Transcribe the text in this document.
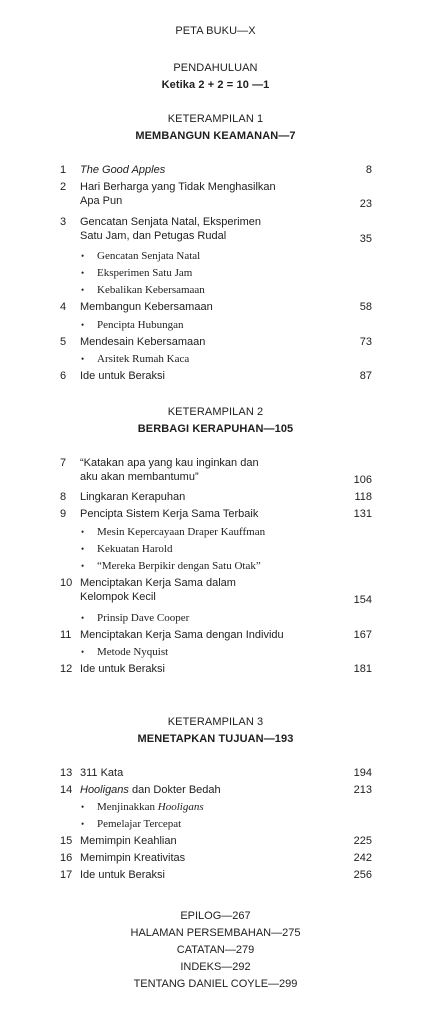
PETA BUKU—X
PENDAHULUAN
Ketika 2 + 2 = 10 —1
KETERAMPILAN 1
MEMBANGUN KEAMANAN—7
1	The Good Apples	8
2	Hari Berharga yang Tidak Menghasilkan
Apa Pun	23
3	Gencatan Senjata Natal, Eksperimen
Satu Jam, dan Petugas Rudal	35
•	Gencatan Senjata Natal
•	Eksperimen Satu Jam
•	Kebalikan Kebersamaan
4	Membangun Kebersamaan	58
•	Pencipta Hubungan
5	Mendesain Kebersamaan	73
•	Arsitek Rumah Kaca
6	Ide untuk Beraksi	87
KETERAMPILAN 2
BERBAGI KERAPUHAN—105
7	“Katakan apa yang kau inginkan dan
aku akan membantumu”	106
8	Lingkaran Kerapuhan	118
9	Pencipta Sistem Kerja Sama Terbaik	131
•	Mesin Kepercayaan Draper Kauffman
•	Kekuatan Harold
•	“Mereka Berpikir dengan Satu Otak”
10 Menciptakan Kerja Sama dalam
Kelompok Kecil	154
•	Prinsip Dave Cooper
11 Menciptakan Kerja Sama dengan Individu	167
•	Metode Nyquist
12 Ide untuk Beraksi	181
KETERAMPILAN 3
MENETAPKAN TUJUAN—193
13 311 Kata	194
14 Hooligans dan Dokter Bedah	213
•	Menjinakkan Hooligans
•	Pemelajar Tercepat
15 Memimpin Keahlian	225
16 Memimpin Kreativitas	242
17 Ide untuk Beraksi	256
EPILOG—267
HALAMAN PERSEMBAHAN—275
CATATAN—279
INDEKS—292
TENTANG DANIEL COYLE—299
